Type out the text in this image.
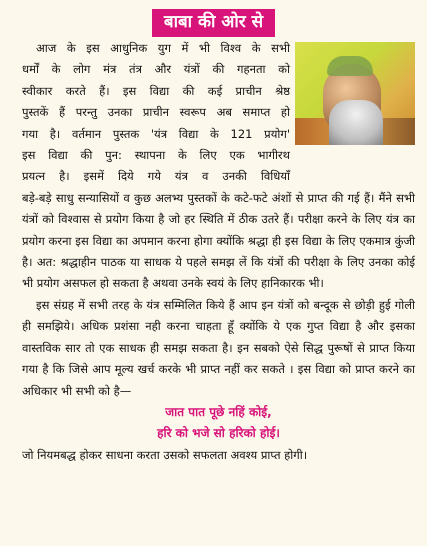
बाबा की ओर से

आज के इस आधुनिक युग में भी विश्व के सभी

धर्मों के लोग मंत्र तंत्र और यंत्रों की गहनता को

स्वीकार करते हैं। इस विद्या की कई प्राचीन श्रेष्ठ

पुस्तकें हैं परन्तु उनका प्राचीन स्वरूप अब समाप्त हो

गया है। वर्तमान पुस्तक 'यंत्र विद्या के 121 प्रयोग'

इस विद्या की पुन: स्थापना के लिए एक भागीरथ

प्रयत्न है। इसमें दिये गये यंत्र व उनकी विधियाँ

बड़े-बड़े साधु सन्यासियों व कुछ अलभ्य पुस्तकों के कटे-फटे अंशों से प्राप्त की गई हैं। मैंने सभी यंत्रों को विश्वास से प्रयोग किया है जो हर स्थिति में ठीक उतरे हैं। परीक्षा करने के लिए यंत्र का प्रयोग करना इस विद्या का अपमान करना होगा क्योंकि श्रद्धा ही इस विद्या के लिए एकमात्र कुंजी है। अत: श्रद्धाहीन पाठक या साधक ये पहले समझ लें कि यंत्रों की परीक्षा के लिए उनका कोई भी प्रयोग असफल हो सकता है अथवा उनके स्वयं के लिए हानिकारक भी।

इस संग्रह में सभी तरह के यंत्र सम्मिलित किये हैं आप इन यंत्रों को बन्दूक से छोड़ी हुई गोली ही समझिये। अधिक प्रशंसा नही करना चाहता हूँ क्योंकि ये एक गुप्त विद्या है और इसका वास्तविक सार तो एक साधक ही समझ सकता है। इन सबको ऐसे सिद्ध पुरूषों से प्राप्त किया गया है कि जिसे आप मूल्य खर्च करके भी प्राप्त नहीं कर सकते । इस विद्या को प्राप्त करने का अधिकार भी सभी को है—

जात पात पूछे नहिं कोई,

हरि को भजे सो हरिको होई।

जो नियमबद्ध होकर साधना करता उसको सफलता अवश्य प्राप्त होगी।
